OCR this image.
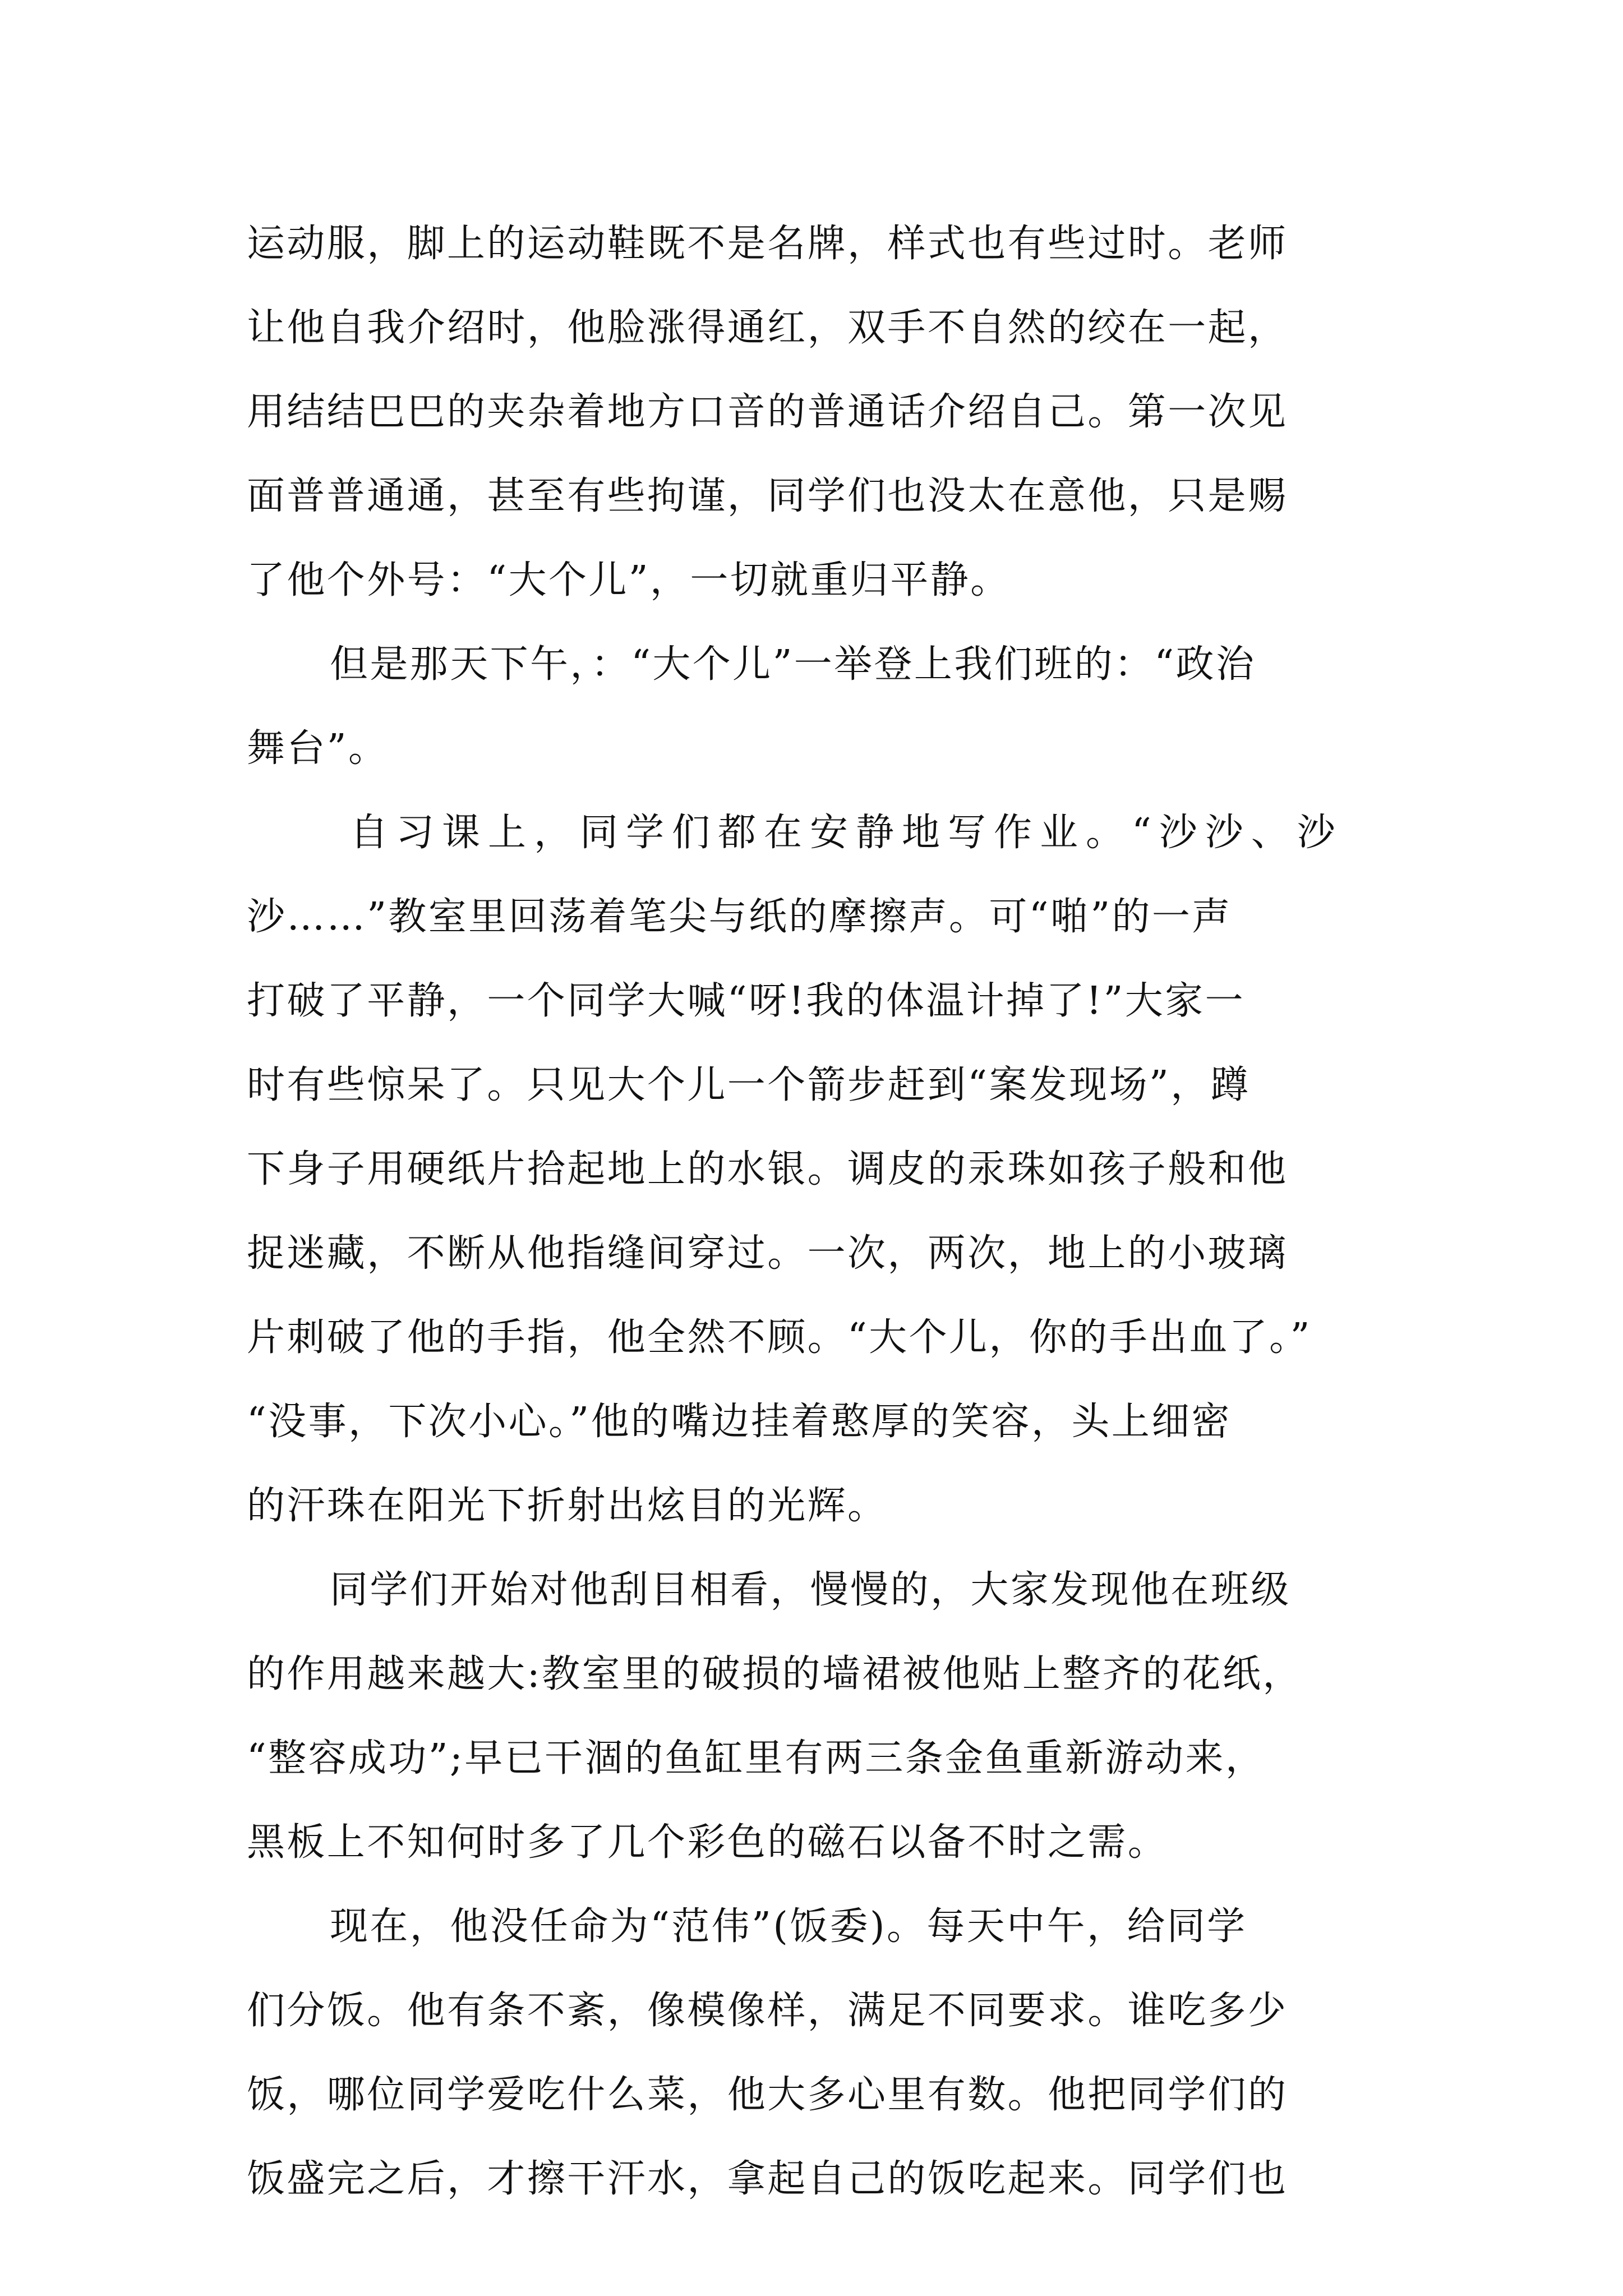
运动服，脚上的运动鞋既不是名牌，样式也有些过时。老师
让他自我介绍时，他脸涨得通红，双手不自然的绞在一起，
用结结巴巴的夹杂着地方口音的普通话介绍自己。第一次见
面普普通通，甚至有些拘谨，同学们也没太在意他，只是赐
了他个外号：“大个儿”，一切就重归平静。
但是那天下午，：“大个儿”一举登上我们班的：“政治
舞台”。
自习课上，同学们都在安静地写作业。“沙沙、沙
沙……”教室里回荡着笔尖与纸的摩擦声。可“啪”的一声
打破了平静，一个同学大喊“呀!我的体温计掉了!”大家一
时有些惊呆了。只见大个儿一个箭步赶到“案发现场”，蹲
下身子用硬纸片拾起地上的水银。调皮的汞珠如孩子般和他
捉迷藏，不断从他指缝间穿过。一次，两次，地上的小玻璃
片刺破了他的手指，他全然不顾。“大个儿，你的手出血了。”
“没事，下次小心。”他的嘴边挂着憨厚的笑容，头上细密
的汗珠在阳光下折射出炫目的光辉。
同学们开始对他刮目相看，慢慢的，大家发现他在班级
的作用越来越大:教室里的破损的墙裙被他贴上整齐的花纸，
“整容成功”;早已干涸的鱼缸里有两三条金鱼重新游动来，
黑板上不知何时多了几个彩色的磁石以备不时之需。
现在，他没任命为“范伟”(饭委)。每天中午，给同学
们分饭。他有条不紊，像模像样，满足不同要求。谁吃多少
饭，哪位同学爱吃什么菜，他大多心里有数。他把同学们的
饭盛完之后，才擦干汗水，拿起自己的饭吃起来。同学们也
